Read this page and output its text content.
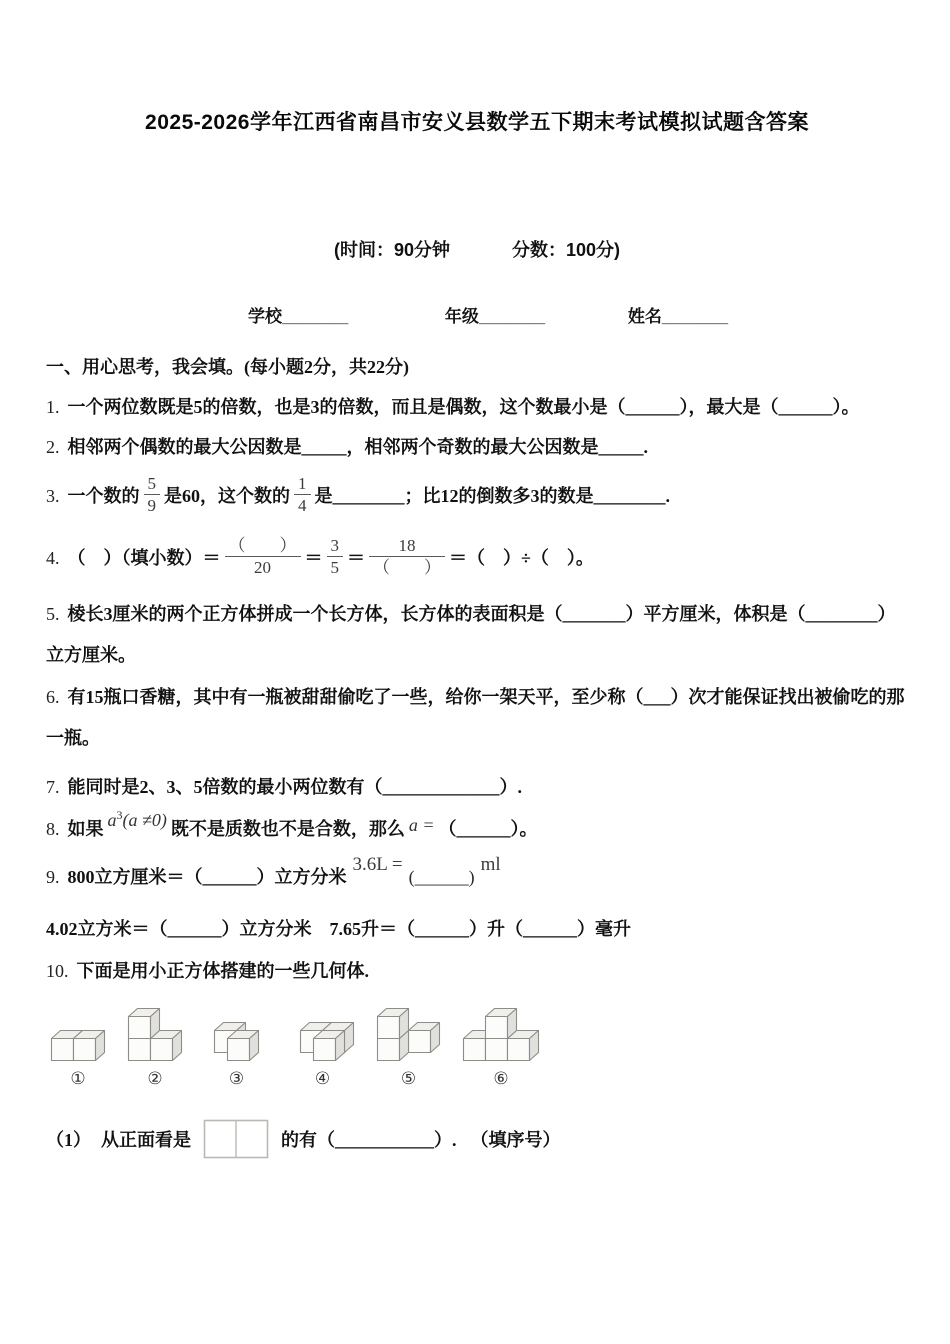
2025-2026学年江西省南昌市安义县数学五下期末考试模拟试题含答案
(时间：90分钟	分数：100分)
学校_______	年级_______	姓名_______
一、用心思考，我会填。(每小题2分，共22分)
1. 一个两位数既是5的倍数，也是3的倍数，而且是偶数，这个数最小是（______），最大是（______）。
2. 相邻两个偶数的最大公因数是_____，相邻两个奇数的最大公因数是_____.
3. 一个数的 $\frac{5}{9}$ 是60，这个数的 $\frac{1}{4}$ 是________；比12的倒数多3的数是________.
4. （　）（填小数）＝ $\frac{( )}{20} = \frac{3}{5} = \frac{18}{( )}$ ＝（　）÷（　）。
5. 棱长3厘米的两个正方体拼成一个长方体，长方体的表面积是（_______）平方厘米，体积是（________）立方厘米。
6. 有15瓶口香糖，其中有一瓶被甜甜偷吃了一些，给你一架天平，至少称（___）次才能保证找出被偷吃的那一瓶。
7. 能同时是2、3、5倍数的最小两位数有（_____________）.
8. 如果 $a^3(a \ne 0)$ 既不是质数也不是合数，那么 a = （______）。
9. 800立方厘米＝（______）立方分米3.6L =(______)ml
4.02立方米＝（______）立方分米　7.65升＝（______）升（______）毫升
10. 下面是用小正方体搭建的一些几何体.
①	②	③	④	⑤	⑥
（1） 从正面看是	的有（___________）. （填序号）
